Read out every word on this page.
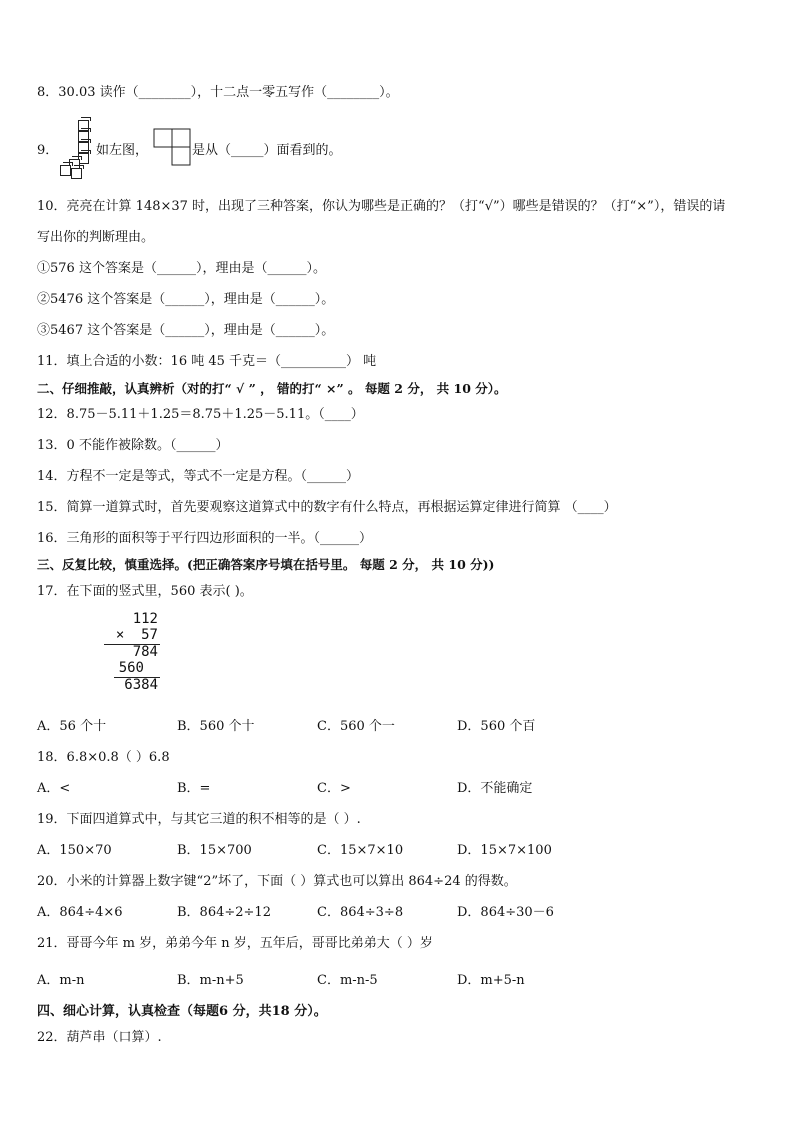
8．30.03 读作（________），十二点一零五写作（________）。
9．	如左图，	是从（_____）面看到的。
10．亮亮在计算 148×37 时，出现了三种答案，你认为哪些是正确的？（打“√”）哪些是错误的？（打“×”），错误的请
写出你的判断理由。
①576 这个答案是（______），理由是（______）。
②5476 这个答案是（______），理由是（______）。
③5467 这个答案是（______），理由是（______）。
11．填上合适的小数：16 吨 45 千克＝（__________） 吨
二、仔细推敲，认真辨析（对的打“ √ ” ， 错的打“ ×” 。 每题 2 分， 共 10 分）。
12．8.75－5.11＋1.25＝8.75＋1.25－5.11。（____）
13．0 不能作被除数。（______）
14．方程不一定是等式，等式不一定是方程。（______）
15．简算一道算式时，首先要观察这道算式中的数字有什么特点，再根据运算定律进行简算 （____）
16．三角形的面积等于平行四边形面积的一半。（______）
三、反复比较，慎重选择。(把正确答案序号填在括号里。 每题 2 分， 共 10 分))
17．在下面的竖式里，560 表示( )。
112
×  57
784
560
6384
A．56 个十	B．560 个十	C．560 个一	D．560 个百
18．6.8×0.8（ ）6.8
A．<	B．=	C．>	D．不能确定
19．下面四道算式中，与其它三道的积不相等的是（ ）.
A．150×70	B．15×700	C．15×7×10	D．15×7×100
20．小米的计算器上数字键“2”坏了，下面（ ）算式也可以算出 864÷24 的得数。
A．864÷4×6	B．864÷2÷12	C．864÷3÷8	D．864÷30－6
21．哥哥今年 m 岁，弟弟今年 n 岁，五年后，哥哥比弟弟大（ ）岁
A．m-n	B．m-n+5	C．m-n-5	D．m+5-n
四、细心计算，认真检查（每题6 分，共18 分）。
22．葫芦串（口算）.
